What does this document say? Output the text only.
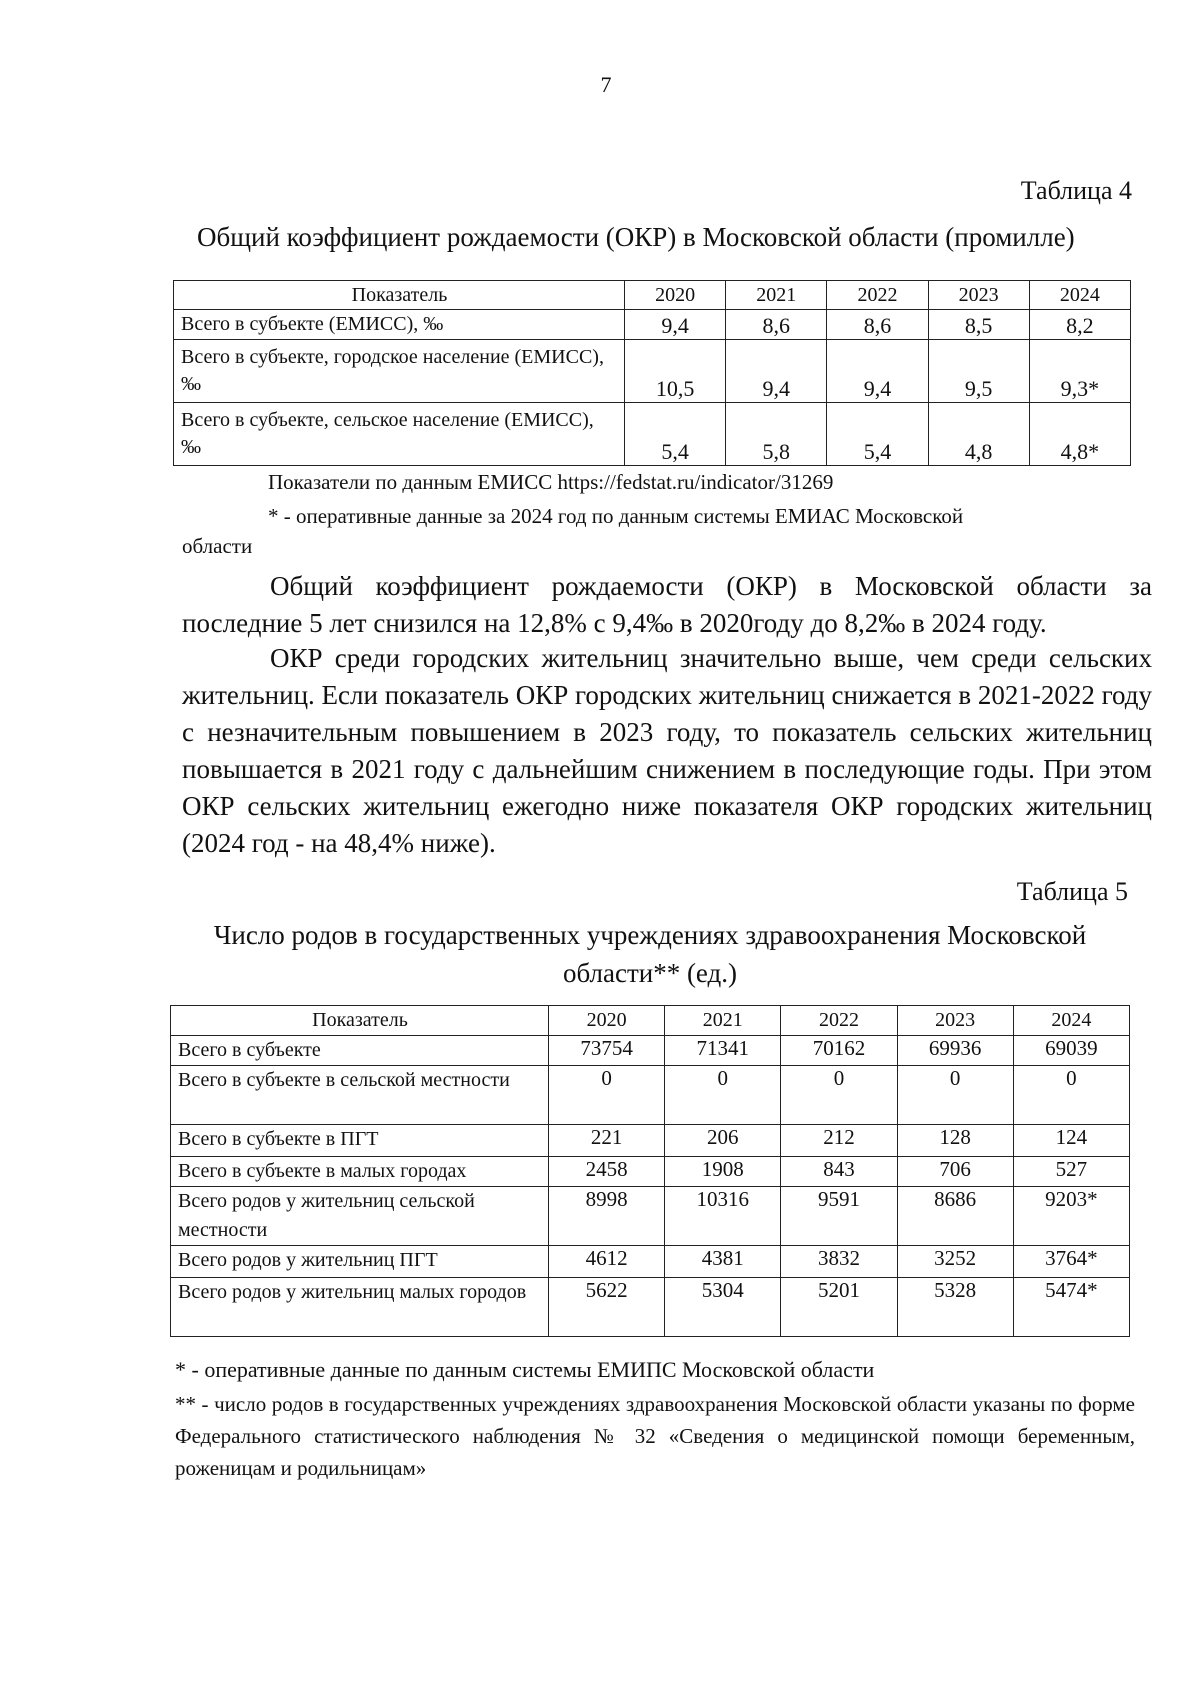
7
Таблица 4
Общий коэффициент рождаемости (ОКР) в Московской области (промилле)
Показатель	2020	2021	2022	2023	2024
Всего в субъекте (ЕМИСС), ‰	9,4	8,6	8,6	8,5	8,2
Всего в субъекте, городское население (ЕМИСС), ‰	10,5	9,4	9,4	9,5	9,3*
Всего в субъекте, сельское население (ЕМИСС), ‰	5,4	5,8	5,4	4,8	4,8*
Показатели по данным ЕМИСС https://fedstat.ru/indicator/31269
* - оперативные данные за 2024 год по данным системы ЕМИАС Московской
области
Общий коэффициент рождаемости (ОКР) в Московской области за последние 5 лет снизился на 12,8% с 9,4‰ в 2020году до 8,2‰ в 2024 году.
ОКР среди городских жительниц значительно выше, чем среди сельских жительниц. Если показатель ОКР городских жительниц снижается в 2021-2022 году с незначительным повышением в 2023 году, то показатель сельских жительниц повышается в 2021 году с дальнейшим снижением в последующие годы. При этом ОКР сельских жительниц ежегодно ниже показателя ОКР городских жительниц (2024 год - на 48,4% ниже).
Таблица 5
Число родов в государственных учреждениях здравоохранения Московской области** (ед.)
Показатель	2020	2021	2022	2023	2024
Всего в субъекте	73754	71341	70162	69936	69039
Всего в субъекте в сельской местности	0	0	0	0	0
Всего в субъекте в ПГТ	221	206	212	128	124
Всего в субъекте в малых городах	2458	1908	843	706	527
Всего родов у жительниц сельской местности	8998	10316	9591	8686	9203*
Всего родов у жительниц ПГТ	4612	4381	3832	3252	3764*
Всего родов у жительниц малых городов	5622	5304	5201	5328	5474*
* - оперативные данные по данным системы ЕМИПС Московской области
** - число родов в государственных учреждениях здравоохранения Московской области указаны по форме Федерального статистического наблюдения № 32 «Сведения о медицинской помощи беременным, роженицам и родильницам»
